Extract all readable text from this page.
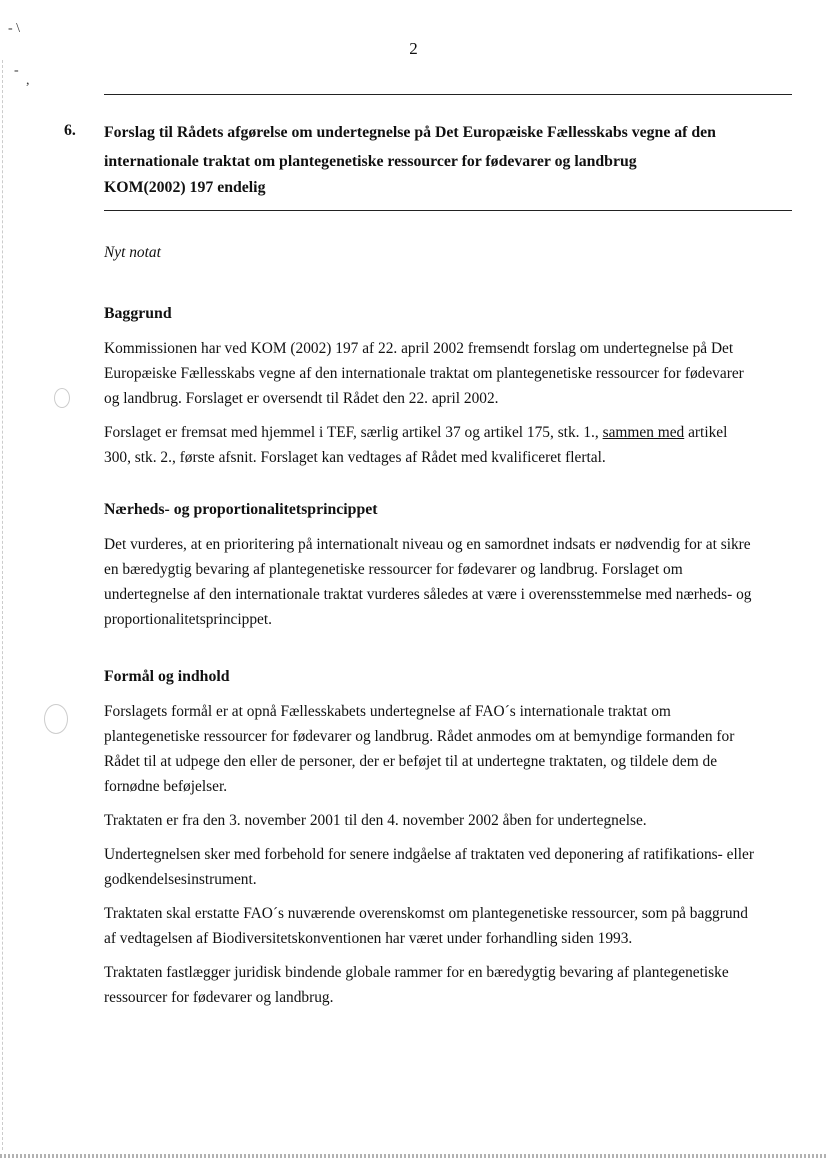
- \
-
,
2
6. Forslag til Rådets afgørelse om undertegnelse på Det Europæiske Fællesskabs vegne af den internationale traktat om plantegenetiske ressourcer for fødevarer og landbrug
KOM(2002) 197 endelig
Nyt notat
Baggrund
Kommissionen har ved KOM (2002) 197 af 22. april 2002 fremsendt forslag om undertegnelse på Det Europæiske Fællesskabs vegne af den internationale traktat om plantegenetiske ressourcer for fødevarer og landbrug. Forslaget er oversendt til Rådet den 22. april 2002.
Forslaget er fremsat med hjemmel i TEF, særlig artikel 37 og artikel 175, stk. 1., sammen med artikel 300, stk. 2., første afsnit. Forslaget kan vedtages af Rådet med kvalificeret flertal.
Nærheds- og proportionalitetsprincippet
Det vurderes, at en prioritering på internationalt niveau og en samordnet indsats er nødvendig for at sikre en bæredygtig bevaring af plantegenetiske ressourcer for fødevarer og landbrug. Forslaget om undertegnelse af den internationale traktat vurderes således at være i overensstemmelse med nærheds- og proportionalitetsprincippet.
Formål og indhold
Forslagets formål er at opnå Fællesskabets undertegnelse af FAO´s internationale traktat om plantegenetiske ressourcer for fødevarer og landbrug. Rådet anmodes om at bemyndige formanden for Rådet til at udpege den eller de personer, der er beføjet til at undertegne traktaten, og tildele dem de fornødne beføjelser.
Traktaten er fra den 3. november 2001 til den 4. november 2002 åben for undertegnelse.
Undertegnelsen sker med forbehold for senere indgåelse af traktaten ved deponering af ratifikations- eller godkendelsesinstrument.
Traktaten skal erstatte FAO´s nuværende overenskomst om plantegenetiske ressourcer, som på baggrund af vedtagelsen af Biodiversitetskonventionen har været under forhandling siden 1993.
Traktaten fastlægger juridisk bindende globale rammer for en bæredygtig bevaring af plantegenetiske ressourcer for fødevarer og landbrug.
